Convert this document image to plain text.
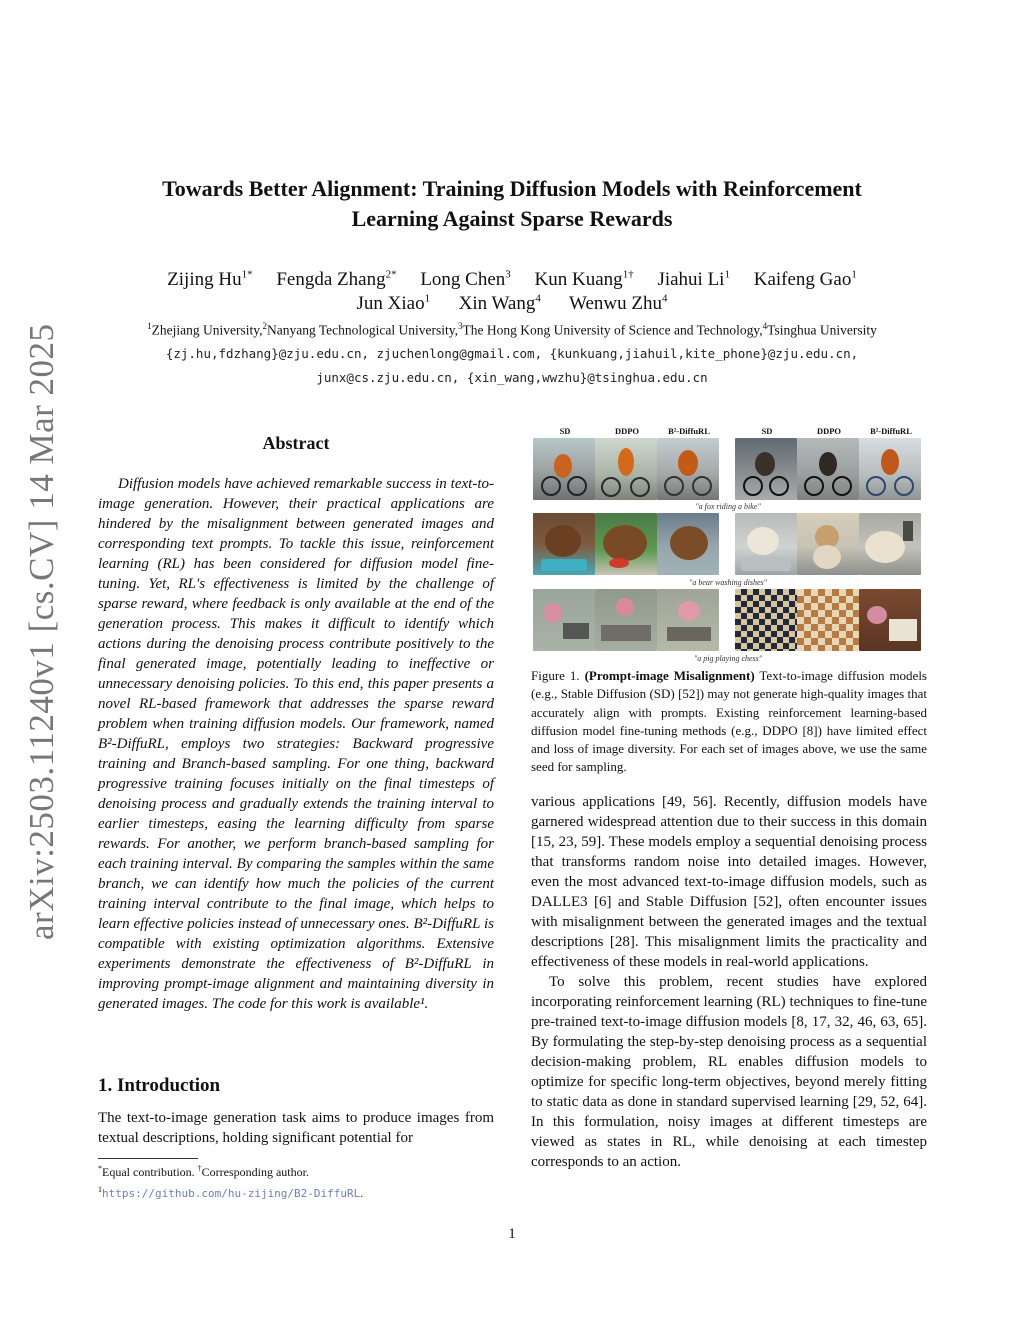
arXiv:2503.11240v1 [cs.CV] 14 Mar 2025
Towards Better Alignment: Training Diffusion Models with Reinforcement
Learning Against Sparse Rewards
Zijing $Hu^{1*}$ Fengda Zhang$^{2*}$ Long Chen$^3$ Kun Kuang$^{1\dagger}$ Jiahui Li$^1$ Kaifeng Gao$^1$
Jun Xiao$^1$ Xin Wang$^4$ Wenwu Zhu$^4$
$^1$Zhejiang University,$^2$Nanyang Technological University,$^3$The Hong Kong University of Science and Technology,$^4$Tsinghua University
{zj.hu,fdzhang}@zju.edu.cn, zjuchenlong@gmail.com, {kunkuang,jiahuil,kite_phone}@zju.edu.cn,
junx@cs.zju.edu.cn, {xin_wang,wwzhu}@tsinghua.edu.cn
Abstract

Diffusion models have achieved remarkable success in text-to-image generation. However, their practical applications are hindered by the misalignment between generated images and corresponding text prompts. To tackle this issue, reinforcement learning (RL) has been considered for diffusion model fine-tuning. Yet, RL's effectiveness is limited by the challenge of sparse reward, where feedback is only available at the end of the generation process. This makes it difficult to identify which actions during the denoising process contribute positively to the final generated image, potentially leading to ineffective or unnecessary denoising policies. To this end, this paper presents a novel RL-based framework that addresses the sparse reward problem when training diffusion models. Our framework, named B²-DiffuRL, employs two strategies: Backward progressive training and Branch-based sampling. For one thing, backward progressive training focuses initially on the final timesteps of denoising process and gradually extends the training interval to earlier timesteps, easing the learning difficulty from sparse rewards. For another, we perform branch-based sampling for each training interval. By comparing the samples within the same branch, we can identify how much the policies of the current training interval contribute to the final image, which helps to learn effective policies instead of unnecessary ones. B²-DiffuRL is compatible with existing optimization algorithms. Extensive experiments demonstrate the effectiveness of B²-DiffuRL in improving prompt-image alignment and maintaining diversity in generated images. The code for this work is available¹.

1. Introduction

The text-to-image generation task aims to produce images from textual descriptions, holding significant potential for

*Equal contribution. †Corresponding author.
$^1$https://github.com/hu-zijing/B2-DiffuRL.
SD	DDPO	B²-DiffuRL	SD	DDPO	B²-DiffuRL
"a fox riding a bike"
"a bear washing dishes"
"a pig playing chess"

Figure 1. (Prompt-image Misalignment) Text-to-image diffusion models (e.g., Stable Diffusion (SD) [52]) may not generate high-quality images that accurately align with prompts. Existing reinforcement learning-based diffusion model fine-tuning methods (e.g., DDPO [8]) have limited effect and loss of image diversity. For each set of images above, we use the same seed for sampling.

various applications [49, 56]. Recently, diffusion models have garnered widespread attention due to their success in this domain [15, 23, 59]. These models employ a sequential denoising process that transforms random noise into detailed images. However, even the most advanced text-to-image diffusion models, such as DALLE3 [6] and Stable Diffusion [52], often encounter issues with misalignment between the generated images and the textual descriptions [28]. This misalignment limits the practicality and effectiveness of these models in real-world applications.

To solve this problem, recent studies have explored incorporating reinforcement learning (RL) techniques to fine-tune pre-trained text-to-image diffusion models [8, 17, 32, 46, 63, 65]. By formulating the step-by-step denoising process as a sequential decision-making problem, RL enables diffusion models to optimize for specific long-term objectives, beyond merely fitting to static data as done in standard supervised learning [29, 52, 64]. In this formulation, noisy images at different timesteps are viewed as states in RL, while denoising at each timestep corresponds to an action.

1
